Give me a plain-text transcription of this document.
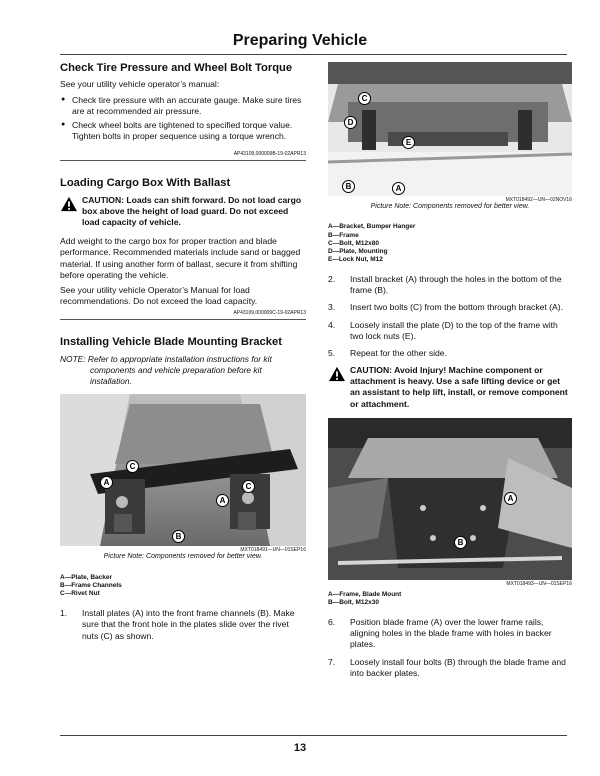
Preparing Vehicle
Check Tire Pressure and Wheel Bolt Torque

See your utility vehicle operator’s manual:

● Check tire pressure with an accurate gauge. Make sure tires are at recommended air pressure.
● Check wheel bolts are tightened to specified torque value. Tighten bolts in proper sequence using a torque wrench.
AP43109,000009B-19-02APR13
Loading Cargo Box With Ballast
CAUTION: Loads can shift forward. Do not load cargo box above the height of load guard. Do not exceed load capacity of vehicle.

Add weight to the cargo box for proper traction and blade performance. Recommended materials include sand or bagged material. If using another form of ballast, secure it from shifting before operating the vehicle.

See your utility vehicle Operator’s Manual for load recommendations. Do not exceed the load capacity.

AP43109,000009C-19-02APR13
Installing Vehicle Blade Mounting Bracket
NOTE: Refer to appropriate installation instructions for kit components and vehicle preparation before kit installation.
C
A	C
A
B
MXT018491—UN—01SEP16
Picture Note: Components removed for better view.
A—Plate, Backer
B—Frame Channels
C—Rivet Nut
1. Install plates (A) into the front frame channels (B). Make sure that the front hole in the plates slide over the rivet nuts (C) as shown.
C
D
E
B	A
MXT018492—UN—02NOV16
Picture Note: Components removed for better view.
A—Bracket, Bumper Hanger
B—Frame
C—Bolt, M12x80
D—Plate, Mounting
E—Lock Nut, M12
2. Install bracket (A) through the holes in the bottom of the frame (B).
3. Insert two bolts (C) from the bottom through bracket (A).
4. Loosely install the plate (D) to the top of the frame with two lock nuts (E).
5. Repeat for the other side.
CAUTION: Avoid Injury! Machine component or attachment is heavy. Use a safe lifting device or get an assistant to help lift, install, or remove component or attachment.
A
B
MXT018493—UN—01SEP16
A—Frame, Blade Mount
B—Bolt, M12x30
6. Position blade frame (A) over the lower frame rails, aligning holes in the blade frame with holes in backer plates.
7. Loosely install four bolts (B) through the blade frame and into backer plates.
13
